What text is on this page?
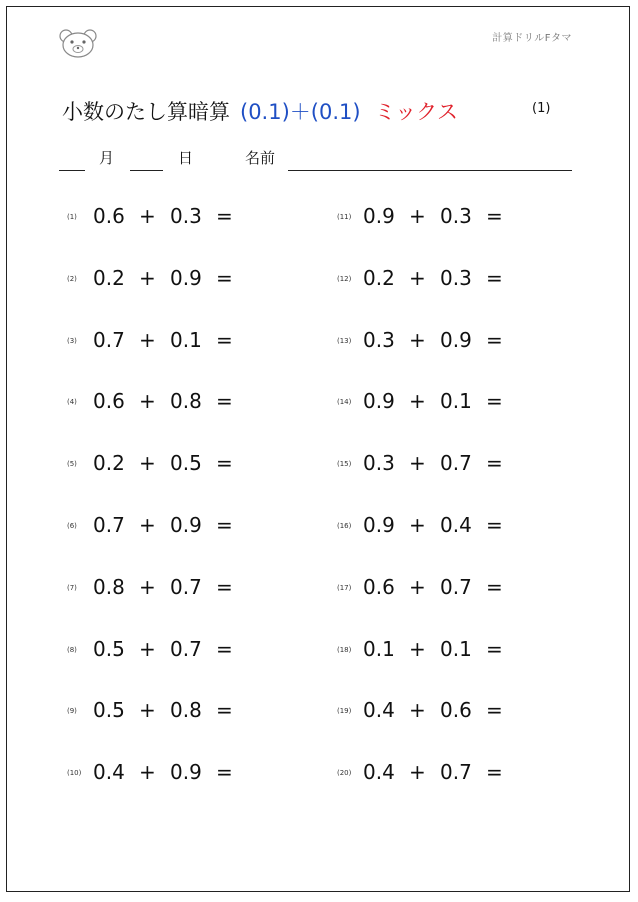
計算ドリルFタマ
小数のたし算暗算 (0.1)＋(0.1) ミックス	(1)
月	日	名前
(1) 0.6 + 0.3 =
(2) 0.2 + 0.9 =
(3) 0.7 + 0.1 =
(4) 0.6 + 0.8 =
(5) 0.2 + 0.5 =
(6) 0.7 + 0.9 =
(7) 0.8 + 0.7 =
(8) 0.5 + 0.7 =
(9) 0.5 + 0.8 =
(10) 0.4 + 0.9 =
(11) 0.9 + 0.3 =
(12) 0.2 + 0.3 =
(13) 0.3 + 0.9 =
(14) 0.9 + 0.1 =
(15) 0.3 + 0.7 =
(16) 0.9 + 0.4 =
(17) 0.6 + 0.7 =
(18) 0.1 + 0.1 =
(19) 0.4 + 0.6 =
(20) 0.4 + 0.7 =
